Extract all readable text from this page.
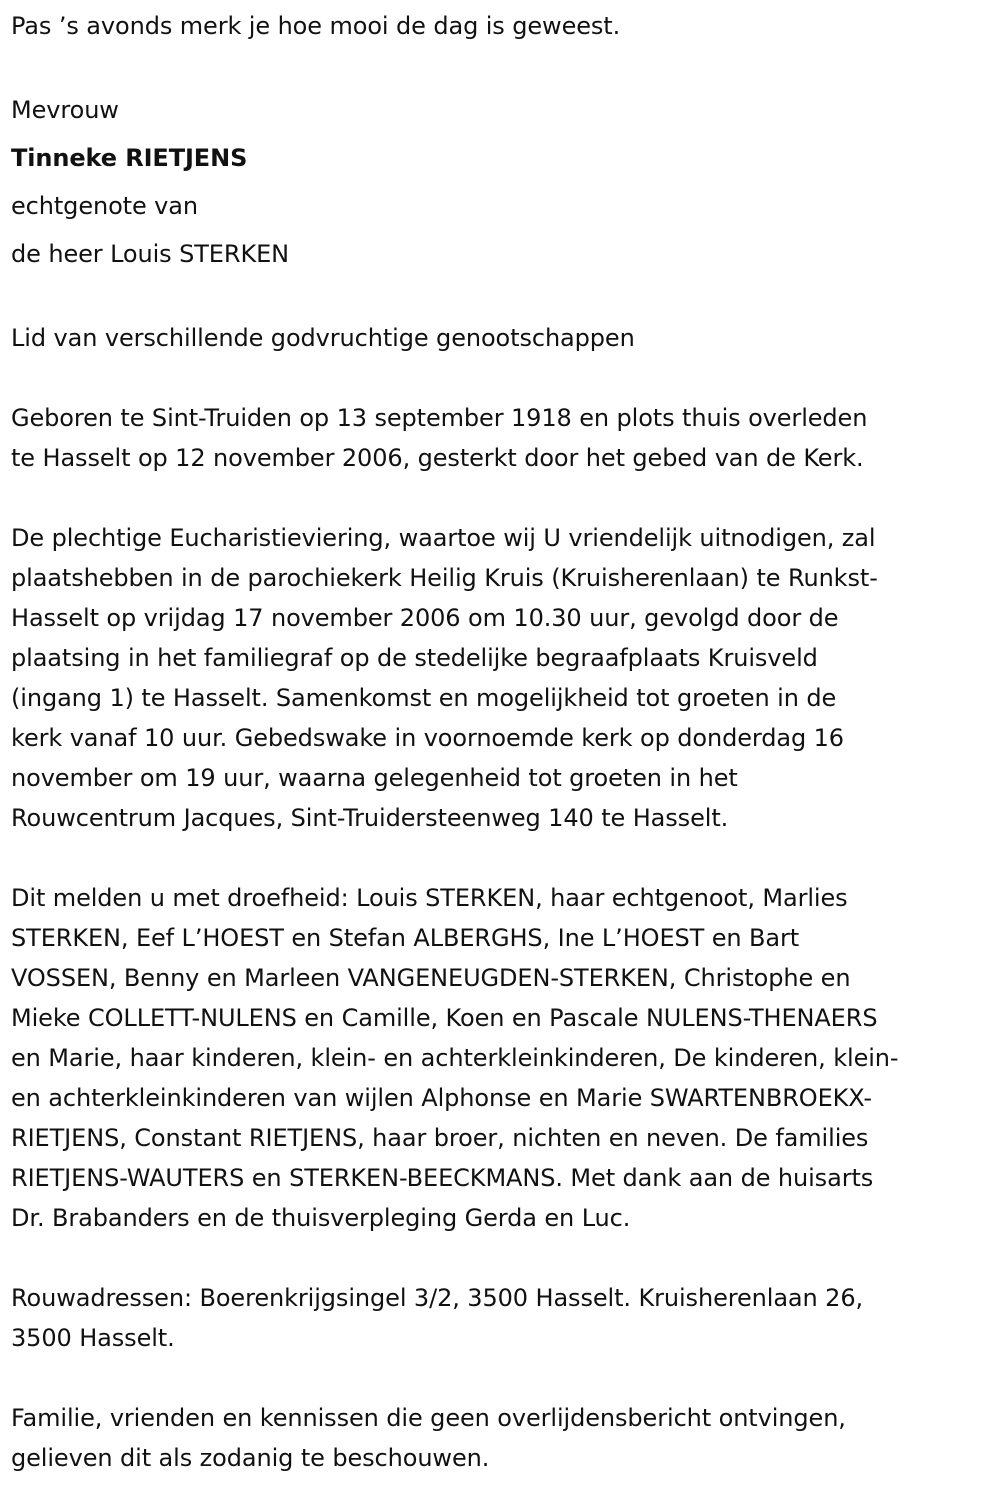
Pas ’s avonds merk je hoe mooi de dag is geweest.

Mevrouw

Tinneke RIETJENS

echtgenote van

de heer Louis STERKEN

Lid van verschillende godvruchtige genootschappen

Geboren te Sint-Truiden op 13 september 1918 en plots thuis overleden

te Hasselt op 12 november 2006, gesterkt door het gebed van de Kerk.

De plechtige Eucharistieviering, waartoe wij U vriendelijk uitnodigen, zal

plaatshebben in de parochiekerk Heilig Kruis (Kruisherenlaan) te Runkst-

Hasselt op vrijdag 17 november 2006 om 10.30 uur, gevolgd door de

plaatsing in het familiegraf op de stedelijke begraafplaats Kruisveld

(ingang 1) te Hasselt. Samenkomst en mogelijkheid tot groeten in de

kerk vanaf 10 uur. Gebedswake in voornoemde kerk op donderdag 16

november om 19 uur, waarna gelegenheid tot groeten in het

Rouwcentrum Jacques, Sint-Truidersteenweg 140 te Hasselt.

Dit melden u met droefheid: Louis STERKEN, haar echtgenoot, Marlies

STERKEN, Eef L’HOEST en Stefan ALBERGHS, Ine L’HOEST en Bart

VOSSEN, Benny en Marleen VANGENEUGDEN-STERKEN, Christophe en

Mieke COLLETT-NULENS en Camille, Koen en Pascale NULENS-THENAERS

en Marie, haar kinderen, klein- en achterkleinkinderen, De kinderen, klein-

en achterkleinkinderen van wijlen Alphonse en Marie SWARTENBROEKX-

RIETJENS, Constant RIETJENS, haar broer, nichten en neven. De families

RIETJENS-WAUTERS en STERKEN-BEECKMANS. Met dank aan de huisarts

Dr. Brabanders en de thuisverpleging Gerda en Luc.

Rouwadressen: Boerenkrijgsingel 3/2, 3500 Hasselt. Kruisherenlaan 26,

3500 Hasselt.

Familie, vrienden en kennissen die geen overlijdensbericht ontvingen,

gelieven dit als zodanig te beschouwen.
